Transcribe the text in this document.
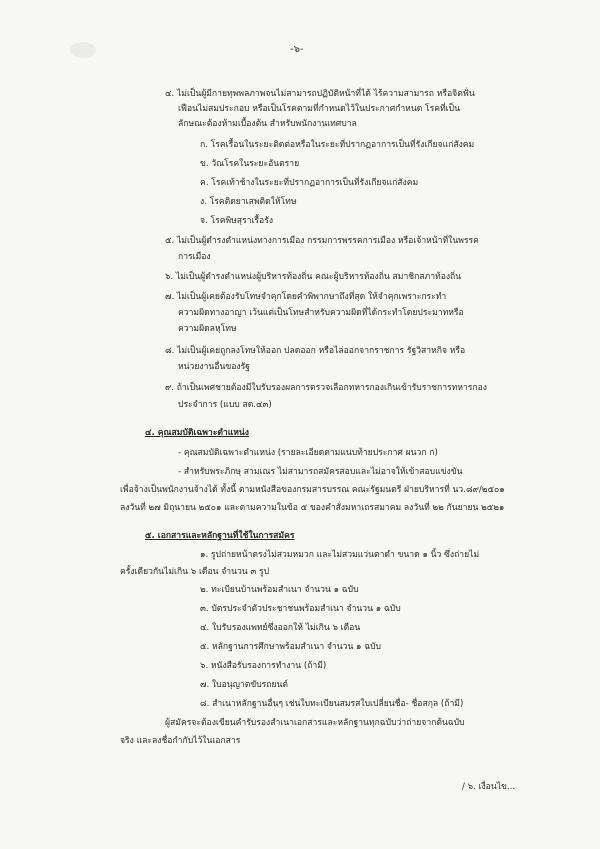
-๖-
๔. ไม่เป็นผู้มีกายทุพพลภาพจนไม่สามารถปฏิบัติหน้าที่ได้ ไร้ความสามารถ หรือจิตฟั่น
เฟือนไม่สมประกอบ หรือเป็นโรคตามที่กำหนดไว้ในประกาศกำหนด โรคที่เป็น
ลักษณะต้องห้ามเบื้องต้น สำหรับพนักงานเทศบาล
ก. โรคเรื้อนในระยะติดต่อหรือในระยะที่ปรากฏอาการเป็นที่รังเกียจแก่สังคม
ข. วัณโรคในระยะอันตราย
ค. โรคเท้าช้างในระยะที่ปรากฏอาการเป็นที่รังเกียจแก่สังคม
ง. โรคติดยาเสพติดให้โทษ
จ. โรคพิษสุราเรื้อรัง
๕. ไม่เป็นผู้ดำรงตำแหน่งทางการเมือง กรรมการพรรคการเมือง หรือเจ้าหน้าที่ในพรรค
การเมือง
๖. ไม่เป็นผู้ดำรงตำแหน่งผู้บริหารท้องถิ่น คณะผู้บริหารท้องถิ่น สมาชิกสภาท้องถิ่น
๗. ไม่เป็นผู้เคยต้องรับโทษจำคุกโดยคำพิพากษาถึงที่สุด ให้จำคุกเพราะกระทำ
ความผิดทางอาญา เว้นแต่เป็นโทษสำหรับความผิดที่ได้กระทำโดยประมาทหรือ
ความผิดลหุโทษ
๘. ไม่เป็นผู้เคยถูกลงโทษให้ออก ปลดออก หรือไล่ออกจากราชการ รัฐวิสาหกิจ หรือ
หน่วยงานอื่นของรัฐ
๙. ถ้าเป็นเพศชายต้องมีใบรับรองผลการตรวจเลือกทหารกองเกินเข้ารับราชการทหารกอง
ประจำการ (แบบ สด.๔๓)
๔. คุณสมบัติเฉพาะตำแหน่ง
- คุณสมบัติเฉพาะตำแหน่ง (รายละเอียดตามแนบท้ายประกาศ ผนวก ก)
- สำหรับพระภิกษุ สามเณร ไม่สามารถสมัครสอบและไม่อาจให้เข้าสอบแข่งขัน
เพื่อจ้างเป็นพนักงานจ้างได้ ทั้งนี้ ตามหนังสือของกรมสารบรรณ คณะรัฐมนตรี ฝ่ายบริหารที่ นว.๘๙/๒๕๐๑
ลงวันที่ ๒๗ มิถุนายน ๒๕๐๑ และตามความในข้อ ๕ ของคำสั่งมหาเถรสมาคม ลงวันที่ ๒๒ กันยายน ๒๕๒๑
๕. เอกสารและหลักฐานที่ใช้ในการสมัคร
๑. รูปถ่ายหน้าตรงไม่สวมหมวก และไม่สวมแว่นตาดำ ขนาด ๑ นิ้ว ซึ่งถ่ายไม่
ครั้งเดียวกันไม่เกิน ๖ เดือน จำนวน ๓ รูป
๒. ทะเบียนบ้านพร้อมสำเนา จำนวน ๑ ฉบับ
๓. บัตรประจำตัวประชาชนพร้อมสำเนา จำนวน ๑ ฉบับ
๔. ใบรับรองแพทย์ซึ่งออกให้ ไม่เกิน ๖ เดือน
๕. หลักฐานการศึกษาพร้อมสำเนา จำนวน ๑ ฉบับ
๖. หนังสือรับรองการทำงาน (ถ้ามี)
๗. ใบอนุญาตขับรถยนต์
๘. สำเนาหลักฐานอื่นๆ เช่นใบทะเบียนสมรสใบเปลี่ยนชื่อ- ชื่อสกุล (ถ้ามี)
ผู้สมัครจะต้องเขียนคำรับรองสำเนาเอกสารและหลักฐานทุกฉบับว่าถ่ายจากต้นฉบับ
จริง และลงชื่อกำกับไว้ในเอกสาร
/ ๖. เงื่อนไข...
